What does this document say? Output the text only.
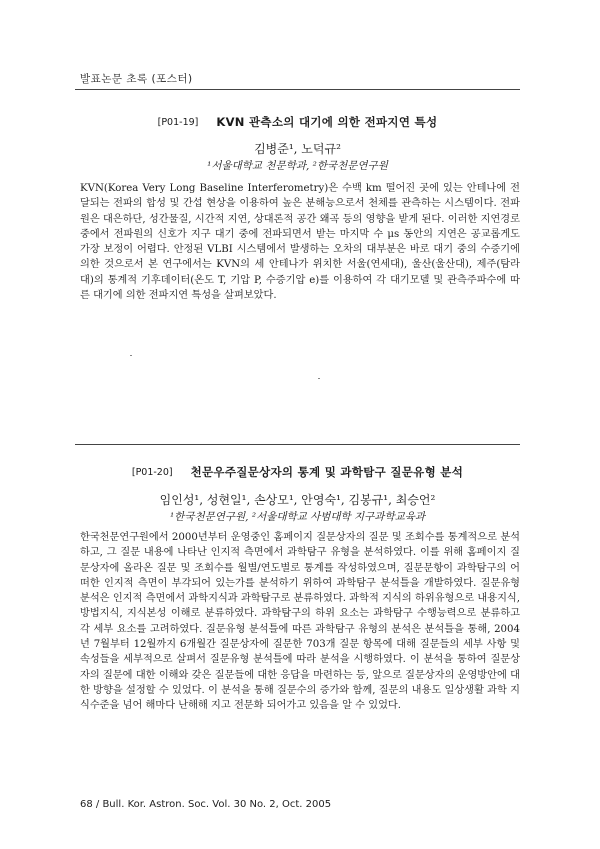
발표논문 초록 (포스터)
[P01-19] KVN 관측소의 대기에 의한 전파지연 특성
김병준¹, 노덕규²
¹서울대학교 천문학과, ²한국천문연구원

KVN(Korea Very Long Baseline Interferometry)은 수백 km 떨어진 곳에 있는 안테나에 전달되는 전파의 합성 및 간섭 현상을 이용하여 높은 분해능으로서 천체를 관측하는 시스템이다. 전파원은 대은하단, 성간물질, 시간적 지연, 상대론적 공간 왜곡 등의 영향을 받게 된다. 이러한 지연경로 중에서 전파원의 신호가 지구 대기 중에 전파되면서 받는 마지막 수 μs 동안의 지연은 공교롭게도 가장 보정이 어렵다. 안정된 VLBI 시스템에서 발생하는 오차의 대부분은 바로 대기 중의 수증기에 의한 것으로서 본 연구에서는 KVN의 세 안테나가 위치한 서울(연세대), 울산(울산대), 제주(탐라대)의 통계적 기후데이터(온도 T, 기압 P, 수증기압 e)를 이용하여 각 대기모델 및 관측주파수에 따른 대기에 의한 전파지연 특성을 살펴보았다.

[P01-20] 천문우주질문상자의 통계 및 과학탐구 질문유형 분석
임인성¹, 성현일¹, 손상모¹, 안영숙¹, 김봉규¹, 최승언²
¹한국천문연구원, ²서울대학교 사범대학 지구과학교육과

한국천문연구원에서 2000년부터 운영중인 홈페이지 질문상자의 질문 및 조회수를 통계적으로 분석하고, 그 질문 내용에 나타난 인지적 측면에서 과학탐구 유형을 분석하였다. 이를 위해 홈페이지 질문상자에 올라온 질문 및 조회수를 월별/연도별로 통계를 작성하였으며, 질문문항이 과학탐구의 어떠한 인지적 측면이 부각되어 있는가를 분석하기 위하여 과학탐구 분석틀을 개발하였다. 질문유형 분석은 인지적 측면에서 과학지식과 과학탐구로 분류하였다. 과학적 지식의 하위유형으로 내용지식, 방법지식, 지식본성 이해로 분류하였다. 과학탐구의 하위 요소는 과학탐구 수행능력으로 분류하고 각 세부 요소를 고려하였다. 질문유형 분석틀에 따른 과학탐구 유형의 분석은 분석틀을 통해, 2004년 7월부터 12월까지 6개월간 질문상자에 질문한 703개 질문 항목에 대해 질문들의 세부 사항 및 속성들을 세부적으로 살펴서 질문유형 분석틀에 따라 분석을 시행하였다. 이 분석을 통하여 질문상자의 질문에 대한 이해와 갖은 질문들에 대한 응답을 마련하는 등, 앞으로 질문상자의 운영방안에 대한 방향을 설정할 수 있었다. 이 분석을 통해 질문수의 증가와 함께, 질문의 내용도 일상생활 과학 지식수준을 넘어 해마다 난해해 지고 전문화 되어가고 있음을 알 수 있었다.

68 / Bull. Kor. Astron. Soc. Vol. 30 No. 2, Oct. 2005
